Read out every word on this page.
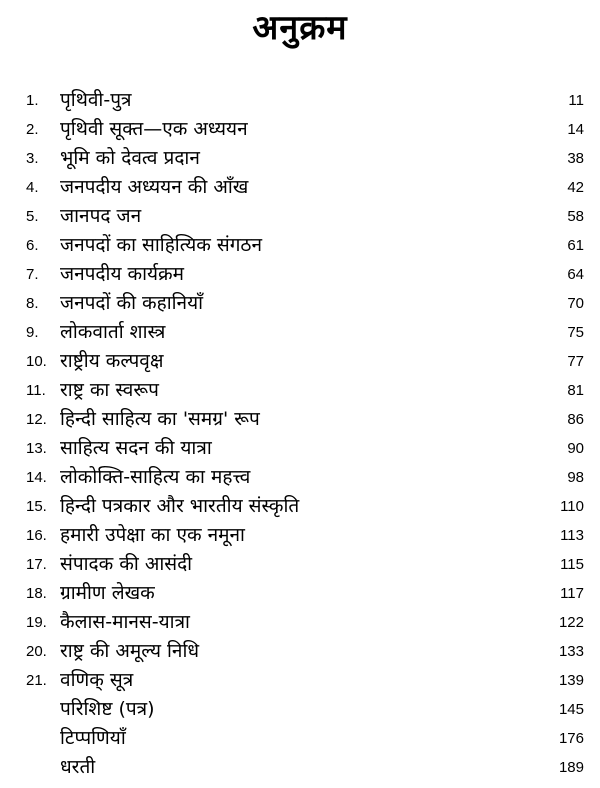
अनुक्रम
1.	पृथिवी-पुत्र	11
2.	पृथिवी सूक्त—एक अध्ययन	14
3.	भूमि को देवत्व प्रदान	38
4.	जनपदीय अध्ययन की आँख	42
5.	जानपद जन	58
6.	जनपदों का साहित्यिक संगठन	61
7.	जनपदीय कार्यक्रम	64
8.	जनपदों की कहानियाँ	70
9.	लोकवार्ता शास्त्र	75
10. राष्ट्रीय कल्पवृक्ष	77
11. राष्ट्र का स्वरूप	81
12. हिन्दी साहित्य का 'समग्र' रूप	86
13. साहित्य सदन की यात्रा	90
14. लोकोक्ति-साहित्य का महत्त्व	98
15. हिन्दी पत्रकार और भारतीय संस्कृति	110
16. हमारी उपेक्षा का एक नमूना	113
17. संपादक की आसंदी	115
18. ग्रामीण लेखक	117
19. कैलास-मानस-यात्रा	122
20. राष्ट्र की अमूल्य निधि	133
21. वणिक् सूत्र	139
परिशिष्ट (पत्र)	145
टिप्पणियाँ	176
धरती	189
